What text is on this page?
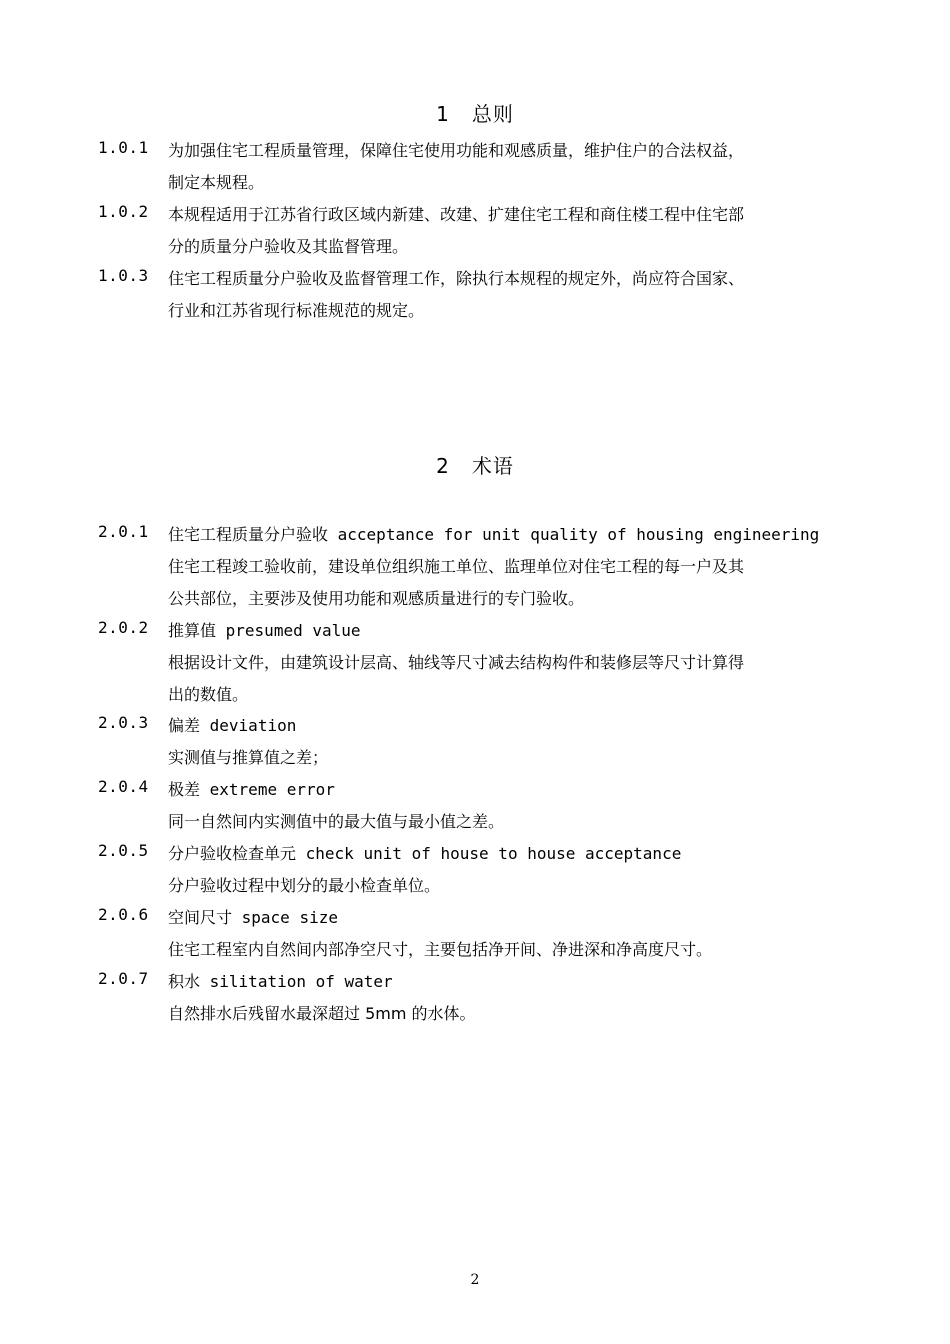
1   总则
1.0.1	为加强住宅工程质量管理，保障住宅使用功能和观感质量，维护住户的合法权益，
制定本规程。
1.0.2	本规程适用于江苏省行政区域内新建、改建、扩建住宅工程和商住楼工程中住宅部
分的质量分户验收及其监督管理。
1.0.3	住宅工程质量分户验收及监督管理工作，除执行本规程的规定外，尚应符合国家、
行业和江苏省现行标准规范的规定。
2   术语
2.0.1	住宅工程质量分户验收 acceptance for unit quality of housing engineering
住宅工程竣工验收前，建设单位组织施工单位、监理单位对住宅工程的每一户及其
公共部位，主要涉及使用功能和观感质量进行的专门验收。
2.0.2	推算值 presumed value
根据设计文件，由建筑设计层高、轴线等尺寸减去结构构件和装修层等尺寸计算得
出的数值。
2.0.3	偏差 deviation
实测值与推算值之差；
2.0.4	极差 extreme error
同一自然间内实测值中的最大值与最小值之差。
2.0.5	分户验收检查单元 check unit of house to house acceptance
分户验收过程中划分的最小检查单位。
2.0.6	空间尺寸 space size
住宅工程室内自然间内部净空尺寸，主要包括净开间、净进深和净高度尺寸。
2.0.7	积水 silitation of water
自然排水后残留水最深超过 5mm 的水体。
2
